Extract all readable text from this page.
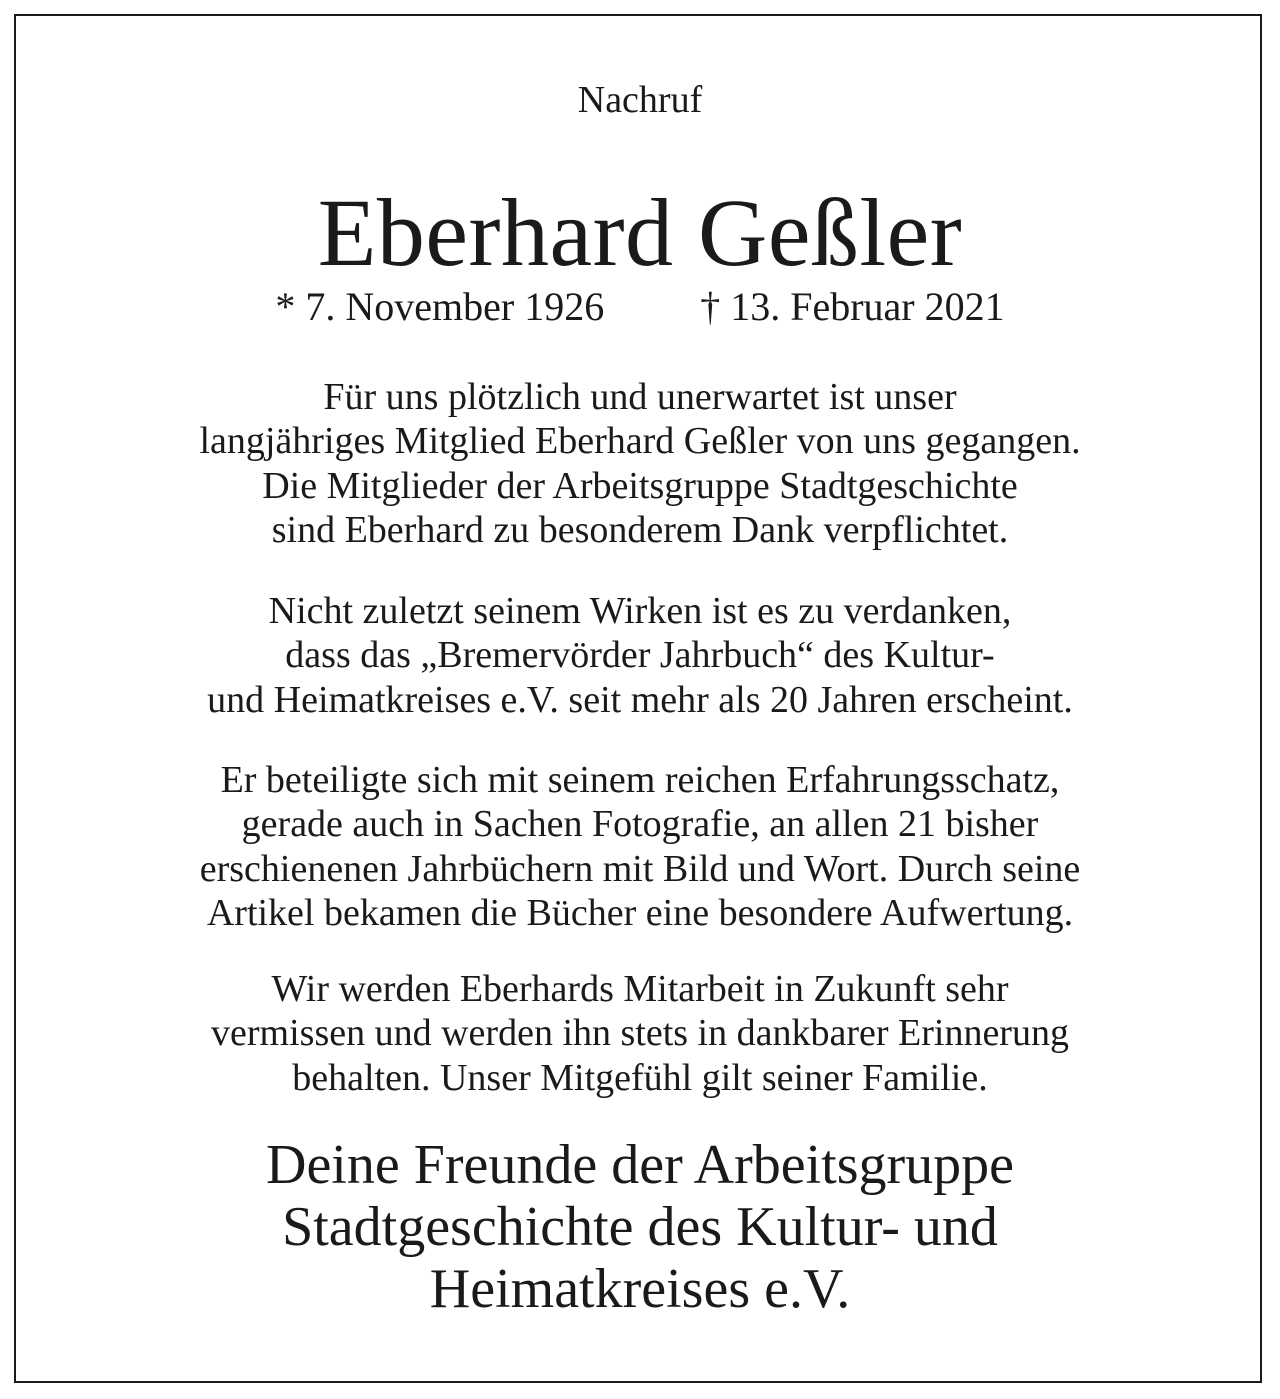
Nachruf
Eberhard Geßler
* 7. November 1926 † 13. Februar 2021
Für uns plötzlich und unerwartet ist unser
langjähriges Mitglied Eberhard Geßler von uns gegangen.
Die Mitglieder der Arbeitsgruppe Stadtgeschichte
sind Eberhard zu besonderem Dank verpflichtet.
Nicht zuletzt seinem Wirken ist es zu verdanken,
dass das „Bremervörder Jahrbuch“ des Kultur-
und Heimatkreises e.V. seit mehr als 20 Jahren erscheint.
Er beteiligte sich mit seinem reichen Erfahrungsschatz,
gerade auch in Sachen Fotografie, an allen 21 bisher
erschienenen Jahrbüchern mit Bild und Wort. Durch seine
Artikel bekamen die Bücher eine besondere Aufwertung.
Wir werden Eberhards Mitarbeit in Zukunft sehr
vermissen und werden ihn stets in dankbarer Erinnerung
behalten. Unser Mitgefühl gilt seiner Familie.
Deine Freunde der Arbeitsgruppe
Stadtgeschichte des Kultur- und
Heimatkreises e.V.
